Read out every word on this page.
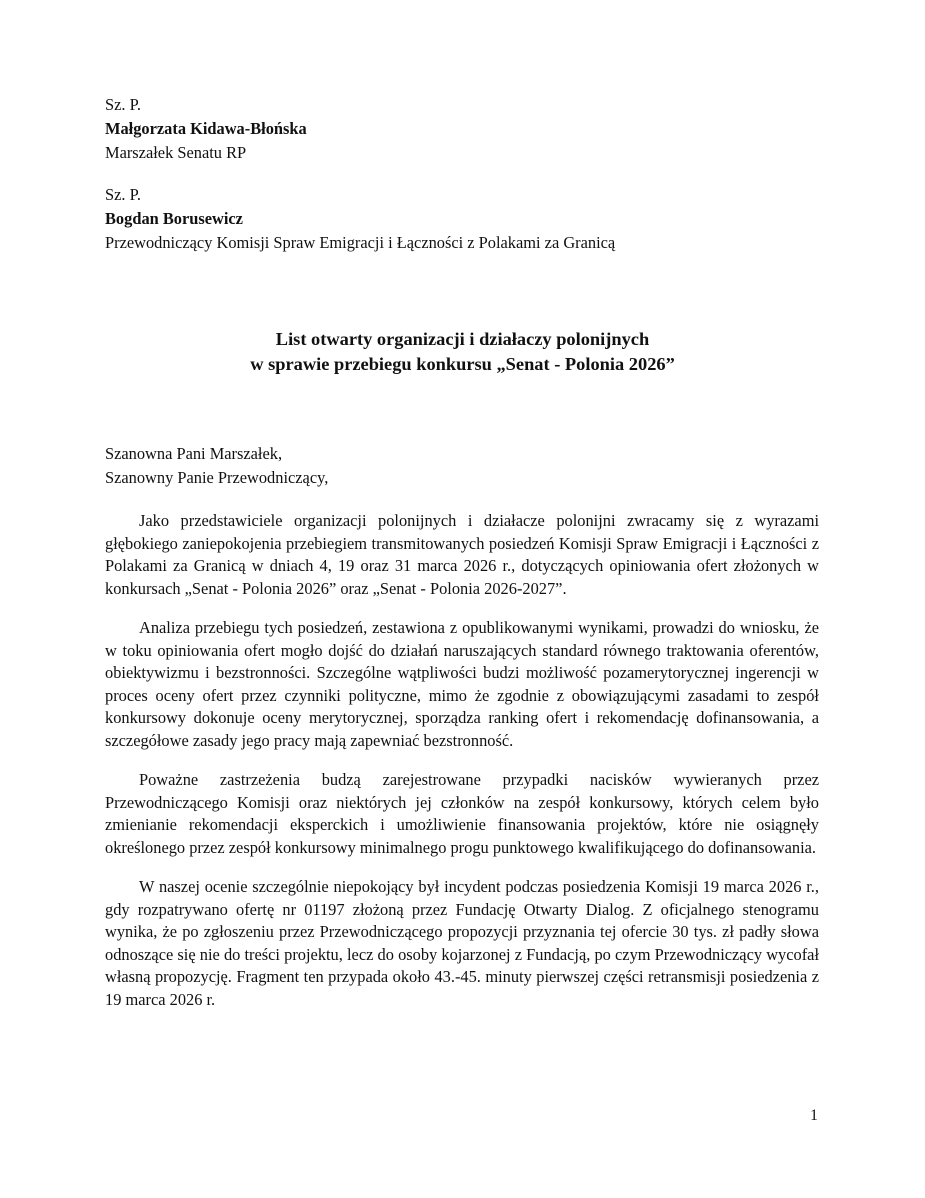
Sz. P.
Małgorzata Kidawa-Błońska
Marszałek Senatu RP
Sz. P.
Bogdan Borusewicz
Przewodniczący Komisji Spraw Emigracji i Łączności z Polakami za Granicą
List otwarty organizacji i działaczy polonijnych
w sprawie przebiegu konkursu „Senat - Polonia 2026”
Szanowna Pani Marszałek,
Szanowny Panie Przewodniczący,

Jako przedstawiciele organizacji polonijnych i działacze polonijni zwracamy się z wyrazami głębokiego zaniepokojenia przebiegiem transmitowanych posiedzeń Komisji Spraw Emigracji i Łączności z Polakami za Granicą w dniach 4, 19 oraz 31 marca 2026 r., dotyczących opiniowania ofert złożonych w konkursach „Senat - Polonia 2026” oraz „Senat - Polonia 2026-2027”.

Analiza przebiegu tych posiedzeń, zestawiona z opublikowanymi wynikami, prowadzi do wniosku, że w toku opiniowania ofert mogło dojść do działań naruszających standard równego traktowania oferentów, obiektywizmu i bezstronności. Szczególne wątpliwości budzi możliwość pozamerytorycznej ingerencji w proces oceny ofert przez czynniki polityczne, mimo że zgodnie z obowiązującymi zasadami to zespół konkursowy dokonuje oceny merytorycznej, sporządza ranking ofert i rekomendację dofinansowania, a szczegółowe zasady jego pracy mają zapewniać bezstronność.

Poważne zastrzeżenia budzą zarejestrowane przypadki nacisków wywieranych przez Przewodniczącego Komisji oraz niektórych jej członków na zespół konkursowy, których celem było zmienianie rekomendacji eksperckich i umożliwienie finansowania projektów, które nie osiągnęły określonego przez zespół konkursowy minimalnego progu punktowego kwalifikującego do dofinansowania.

W naszej ocenie szczególnie niepokojący był incydent podczas posiedzenia Komisji 19 marca 2026 r., gdy rozpatrywano ofertę nr 01197 złożoną przez Fundację Otwarty Dialog. Z oficjalnego stenogramu wynika, że po zgłoszeniu przez Przewodniczącego propozycji przyznania tej ofercie 30 tys. zł padły słowa odnoszące się nie do treści projektu, lecz do osoby kojarzonej z Fundacją, po czym Przewodniczący wycofał własną propozycję. Fragment ten przypada około 43.-45. minuty pierwszej części retransmisji posiedzenia z 19 marca 2026 r.

1
